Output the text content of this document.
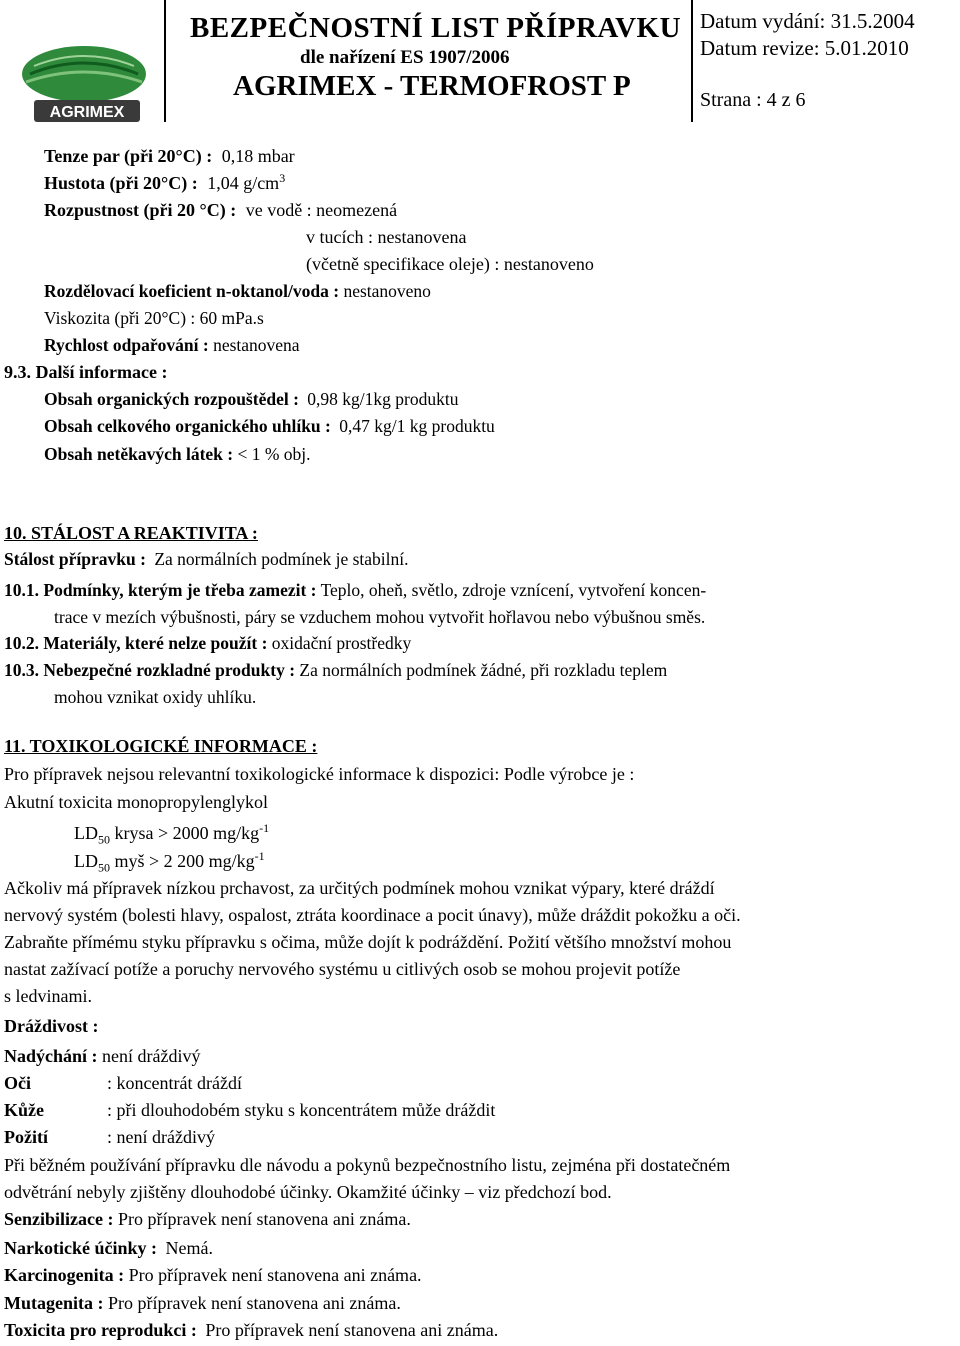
AGRIMEX
BEZPEČNOSTNÍ LIST PŘÍPRAVKU
dle nařízení ES 1907/2006
AGRIMEX - TERMOFROST P
Datum vydání: 31.5.2004
Datum revize: 5.01.2010
Strana : 4 z 6
Tenze par (při 20°C) : 0,18 mbar
Hustota (při 20°C) : 1,04 $g/cm^3$
Rozpustnost (při 20 °C) : ve vodě : neomezená
v tucích : nestanovena
(včetně specifikace oleje) : nestanoveno
Rozdělovací koeficient n-oktanol/voda : nestanoveno
Viskozita (při 20°C) : 60 mPa.s
Rychlost odpařování : nestanovena
9.3. Další informace :
Obsah organických rozpouštědel : 0,98 kg/1kg produktu
Obsah celkového organického uhlíku : 0,47 kg/1 kg produktu
Obsah netěkavých látek : < 1 % obj.
10. STÁLOST A REAKTIVITA :
Stálost přípravku : Za normálních podmínek je stabilní.
10.1. Podmínky, kterým je třeba zamezit : Teplo, oheň, světlo, zdroje vznícení, vytvoření koncen-
trace v mezích výbušnosti, páry se vzduchem mohou vytvořit hořlavou nebo výbušnou směs.
10.2. Materiály, které nelze použít : oxidační prostředky
10.3. Nebezpečné rozkladné produkty : Za normálních podmínek žádné, při rozkladu teplem
mohou vznikat oxidy uhlíku.
11. TOXIKOLOGICKÉ INFORMACE :
Pro přípravek nejsou relevantní toxikologické informace k dispozici: Podle výrobce je :
Akutní toxicita monopropylenglykol
$LD_{50}$ krysa > 2000 $mg/kg^{-1}$
$LD_{50}$ myš > 2 200 $mg/kg^{-1}$
Ačkoliv má přípravek nízkou prchavost, za určitých podmínek mohou vznikat výpary, které dráždí
nervový systém (bolesti hlavy, ospalost, ztráta koordinace a pocit únavy), může dráždit pokožku a oči.
Zabraňte přímému styku přípravku s očima, může dojít k podráždění. Požití většího množství mohou
nastat zažívací potíže a poruchy nervového systému u citlivých osob se mohou projevit potíže
s ledvinami.
Dráždivost :
Nadýchání : není dráždivý
Oči	: koncentrát dráždí
Kůže	: při dlouhodobém styku s koncentrátem může dráždit
Požití	: není dráždivý
Při běžném používání přípravku dle návodu a pokynů bezpečnostního listu, zejména při dostatečném
odvětrání nebyly zjištěny dlouhodobé účinky. Okamžité účinky – viz předchozí bod.
Senzibilizace : Pro přípravek není stanovena ani známa.
Narkotické účinky : Nemá.
Karcinogenita : Pro přípravek není stanovena ani známa.
Mutagenita : Pro přípravek není stanovena ani známa.
Toxicita pro reprodukci : Pro přípravek není stanovena ani známa.
